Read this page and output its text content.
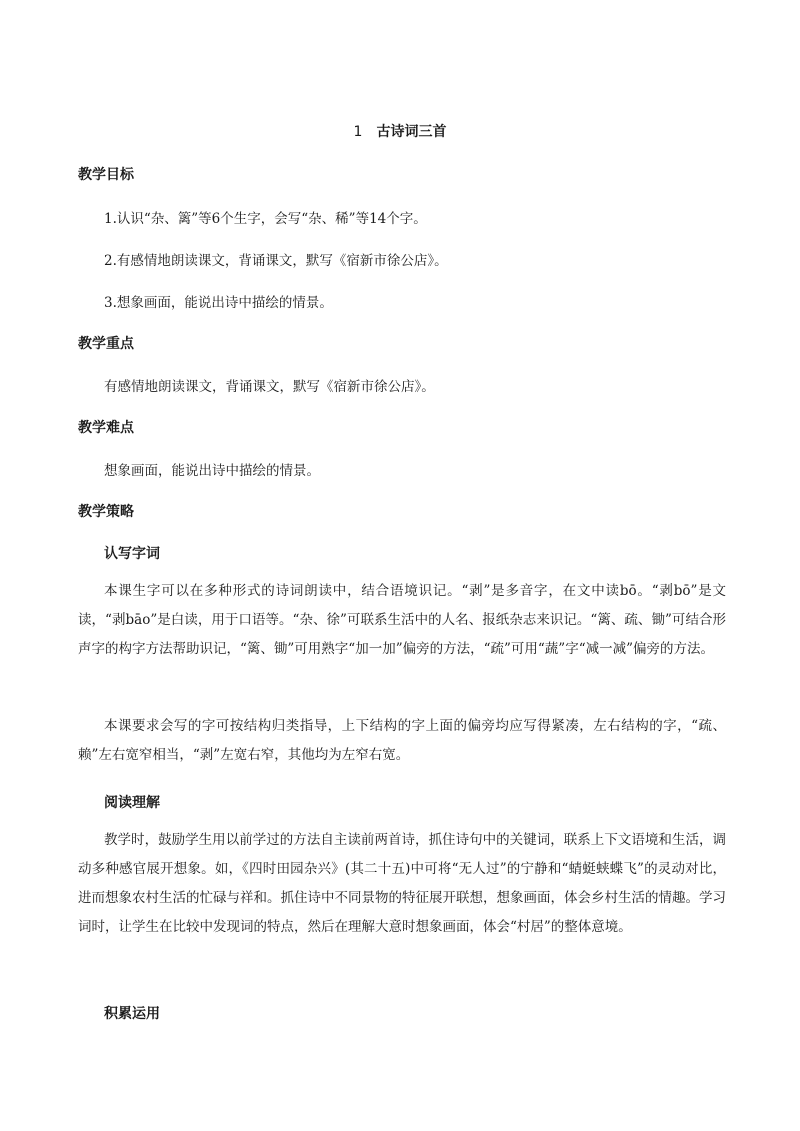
1 古诗词三首
教学目标
1.认识“杂、篱”等6个生字，会写“杂、稀”等14个字。
2.有感情地朗读课文，背诵课文，默写《宿新市徐公店》。
3.想象画面，能说出诗中描绘的情景。
教学重点
有感情地朗读课文，背诵课文，默写《宿新市徐公店》。
教学难点
想象画面，能说出诗中描绘的情景。
教学策略
认写字词
本课生字可以在多种形式的诗词朗读中，结合语境识记。“剥”是多音字，在文中读bō。“剥bō”是文读，“剥bāo”是白读，用于口语等。“杂、徐”可联系生活中的人名、报纸杂志来识记。“篱、疏、锄”可结合形声字的构字方法帮助识记，“篱、锄”可用熟字“加一加”偏旁的方法，“疏”可用“蔬”字“减一减”偏旁的方法。
本课要求会写的字可按结构归类指导，上下结构的字上面的偏旁均应写得紧凑，左右结构的字，“疏、赖”左右宽窄相当，“剥”左宽右窄，其他均为左窄右宽。
阅读理解
教学时，鼓励学生用以前学过的方法自主读前两首诗，抓住诗句中的关键词，联系上下文语境和生活，调动多种感官展开想象。如，《四时田园杂兴》(其二十五)中可将“无人过”的宁静和“蜻蜓蛱蝶飞”的灵动对比，进而想象农村生活的忙碌与祥和。抓住诗中不同景物的特征展开联想，想象画面，体会乡村生活的情趣。学习词时，让学生在比较中发现词的特点，然后在理解大意时想象画面，体会“村居”的整体意境。
积累运用
